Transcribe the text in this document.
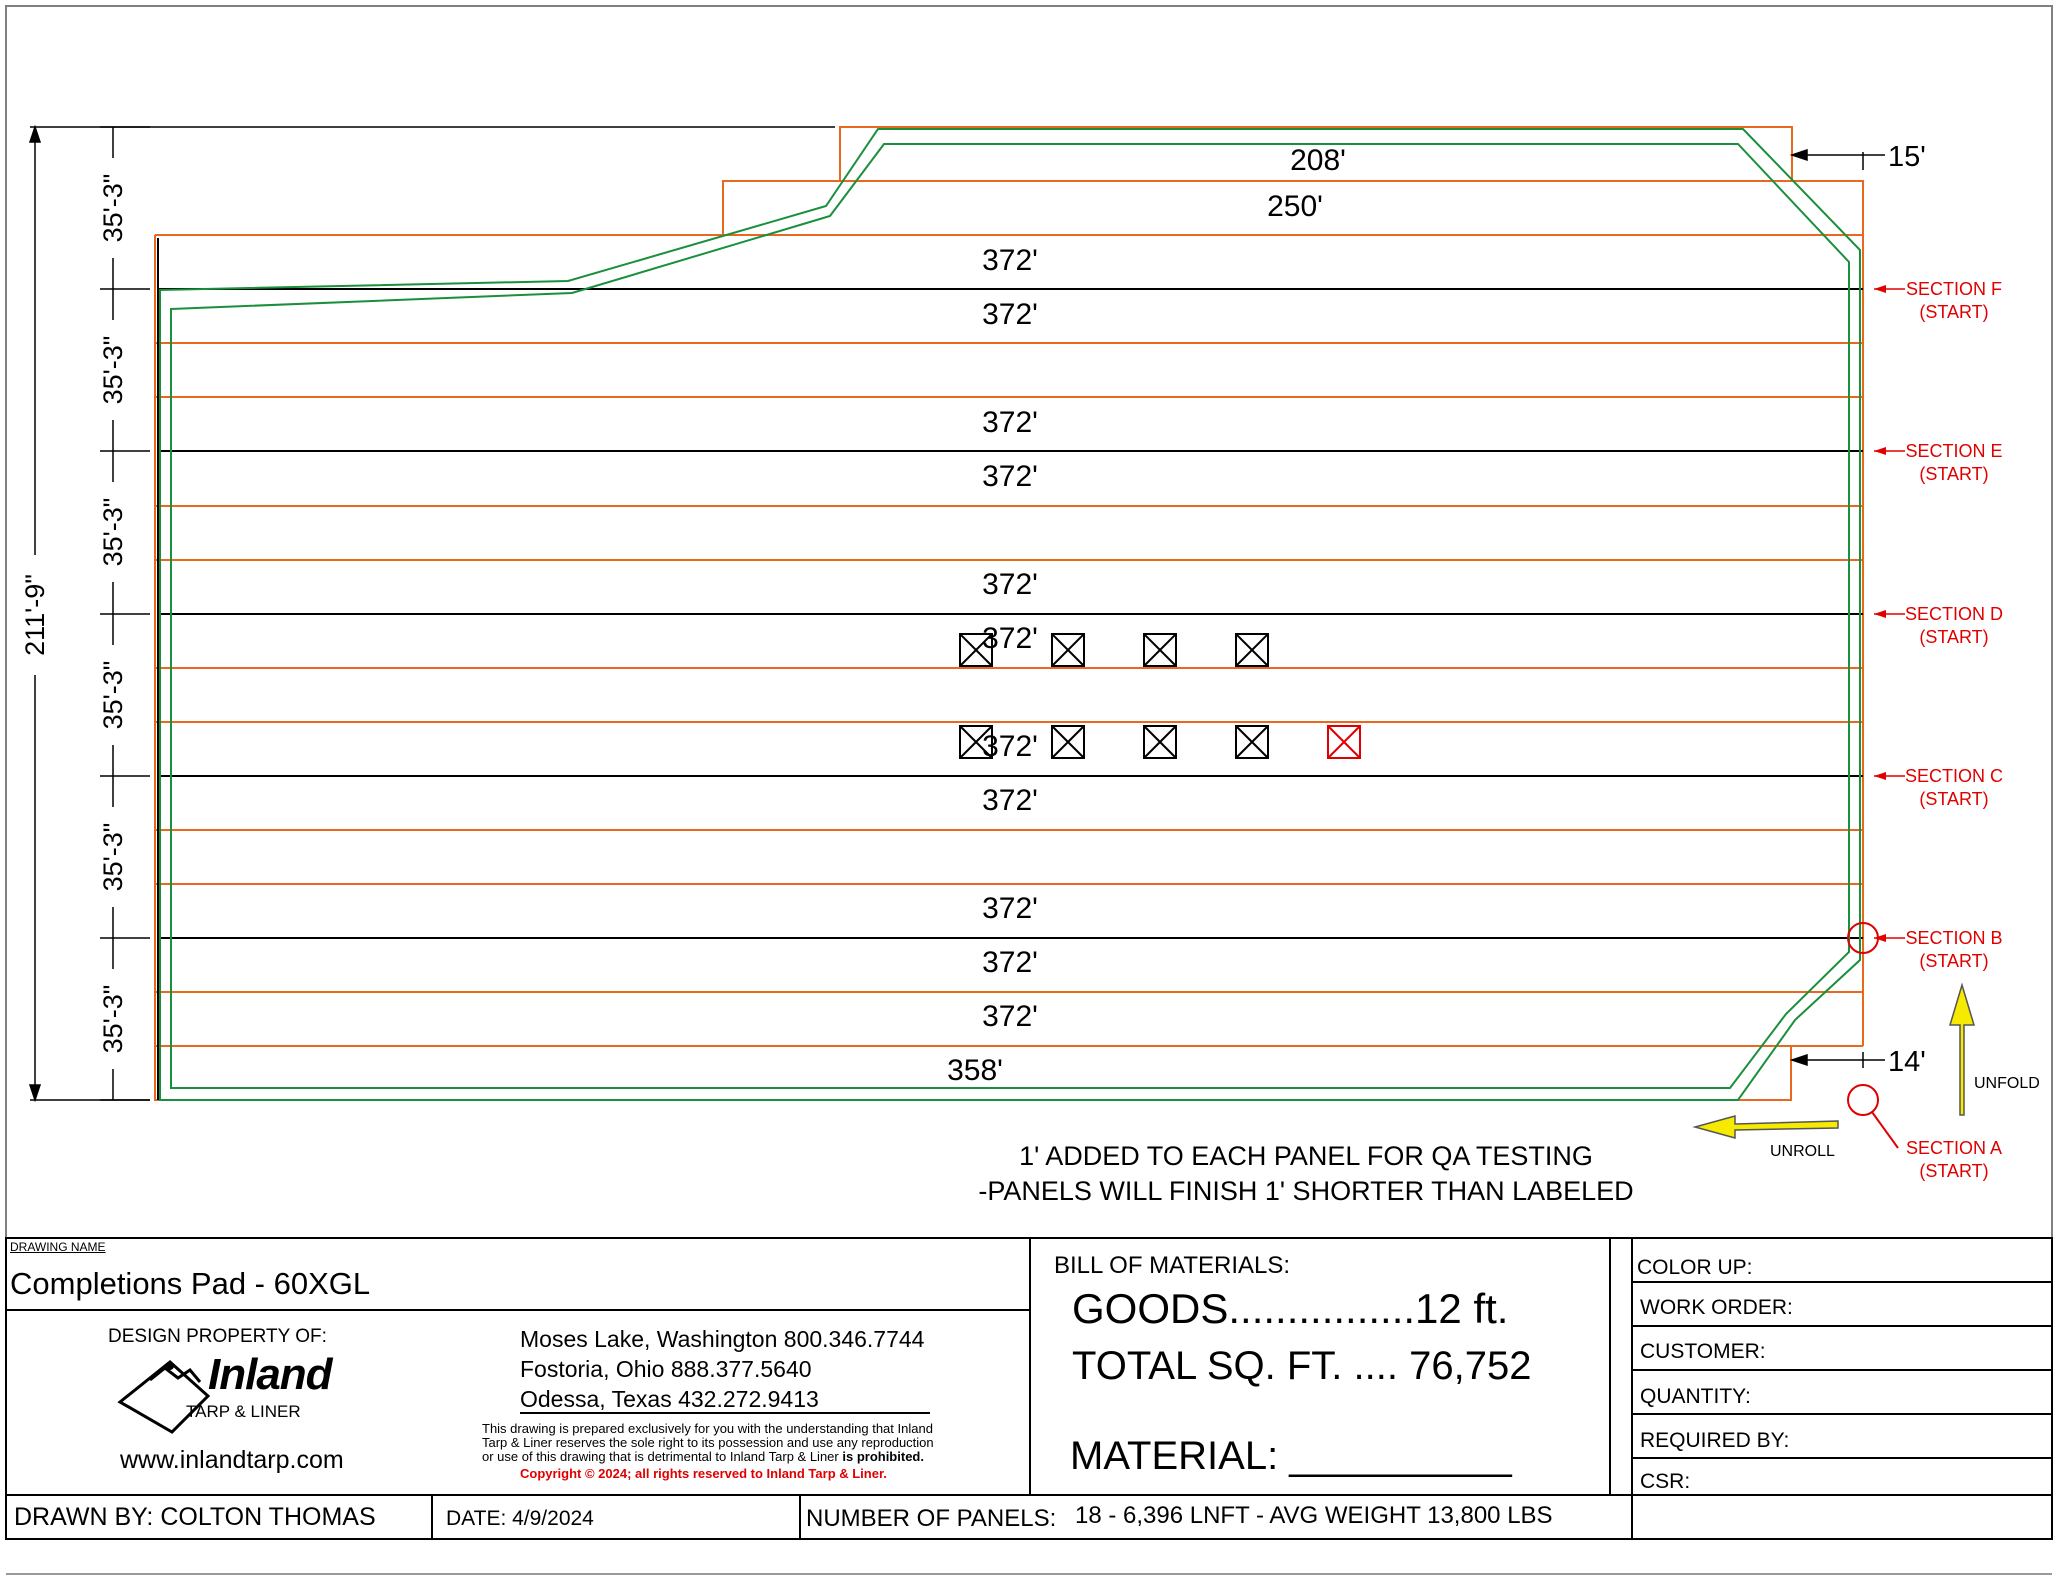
211'-9"
35'-3"
35'-3"
35'-3"
35'-3"
35'-3"
35'-3"
208'
250'
372'
372'
372'
372'
372'
372'
372'
372'
372'
372'
372'
358'
15'
14'
SECTION F
(START)
SECTION E
(START)
SECTION D
(START)
SECTION C
(START)
SECTION B
(START)
SECTION A
(START)
UNROLL
UNFOLD
1' ADDED TO EACH PANEL FOR QA TESTING
-PANELS WILL FINISH 1' SHORTER THAN LABELED
DRAWING NAME
Completions Pad - 60XGL
DESIGN PROPERTY OF:
Inland
TARP & LINER
www.inlandtarp.com
Moses Lake, Washington 800.346.7744
Fostoria, Ohio 888.377.5640
Odessa, Texas 432.272.9413
This drawing is prepared exclusively for you with the understanding that Inland
Tarp & Liner reserves the sole right to its possession and use any reproduction
or use of this drawing that is detrimental to Inland Tarp & Liner is prohibited.
Copyright © 2024; all rights reserved to Inland Tarp & Liner.
BILL OF MATERIALS:
GOODS................12 ft.
TOTAL SQ. FT. .... 76,752
MATERIAL: __________
COLOR UP:
WORK ORDER:
CUSTOMER:
QUANTITY:
REQUIRED BY:
CSR:
DRAWN BY: COLTON THOMAS	DATE: 4/9/2024	NUMBER OF PANELS: 18 - 6,396 LNFT - AVG WEIGHT 13,800 LBS
